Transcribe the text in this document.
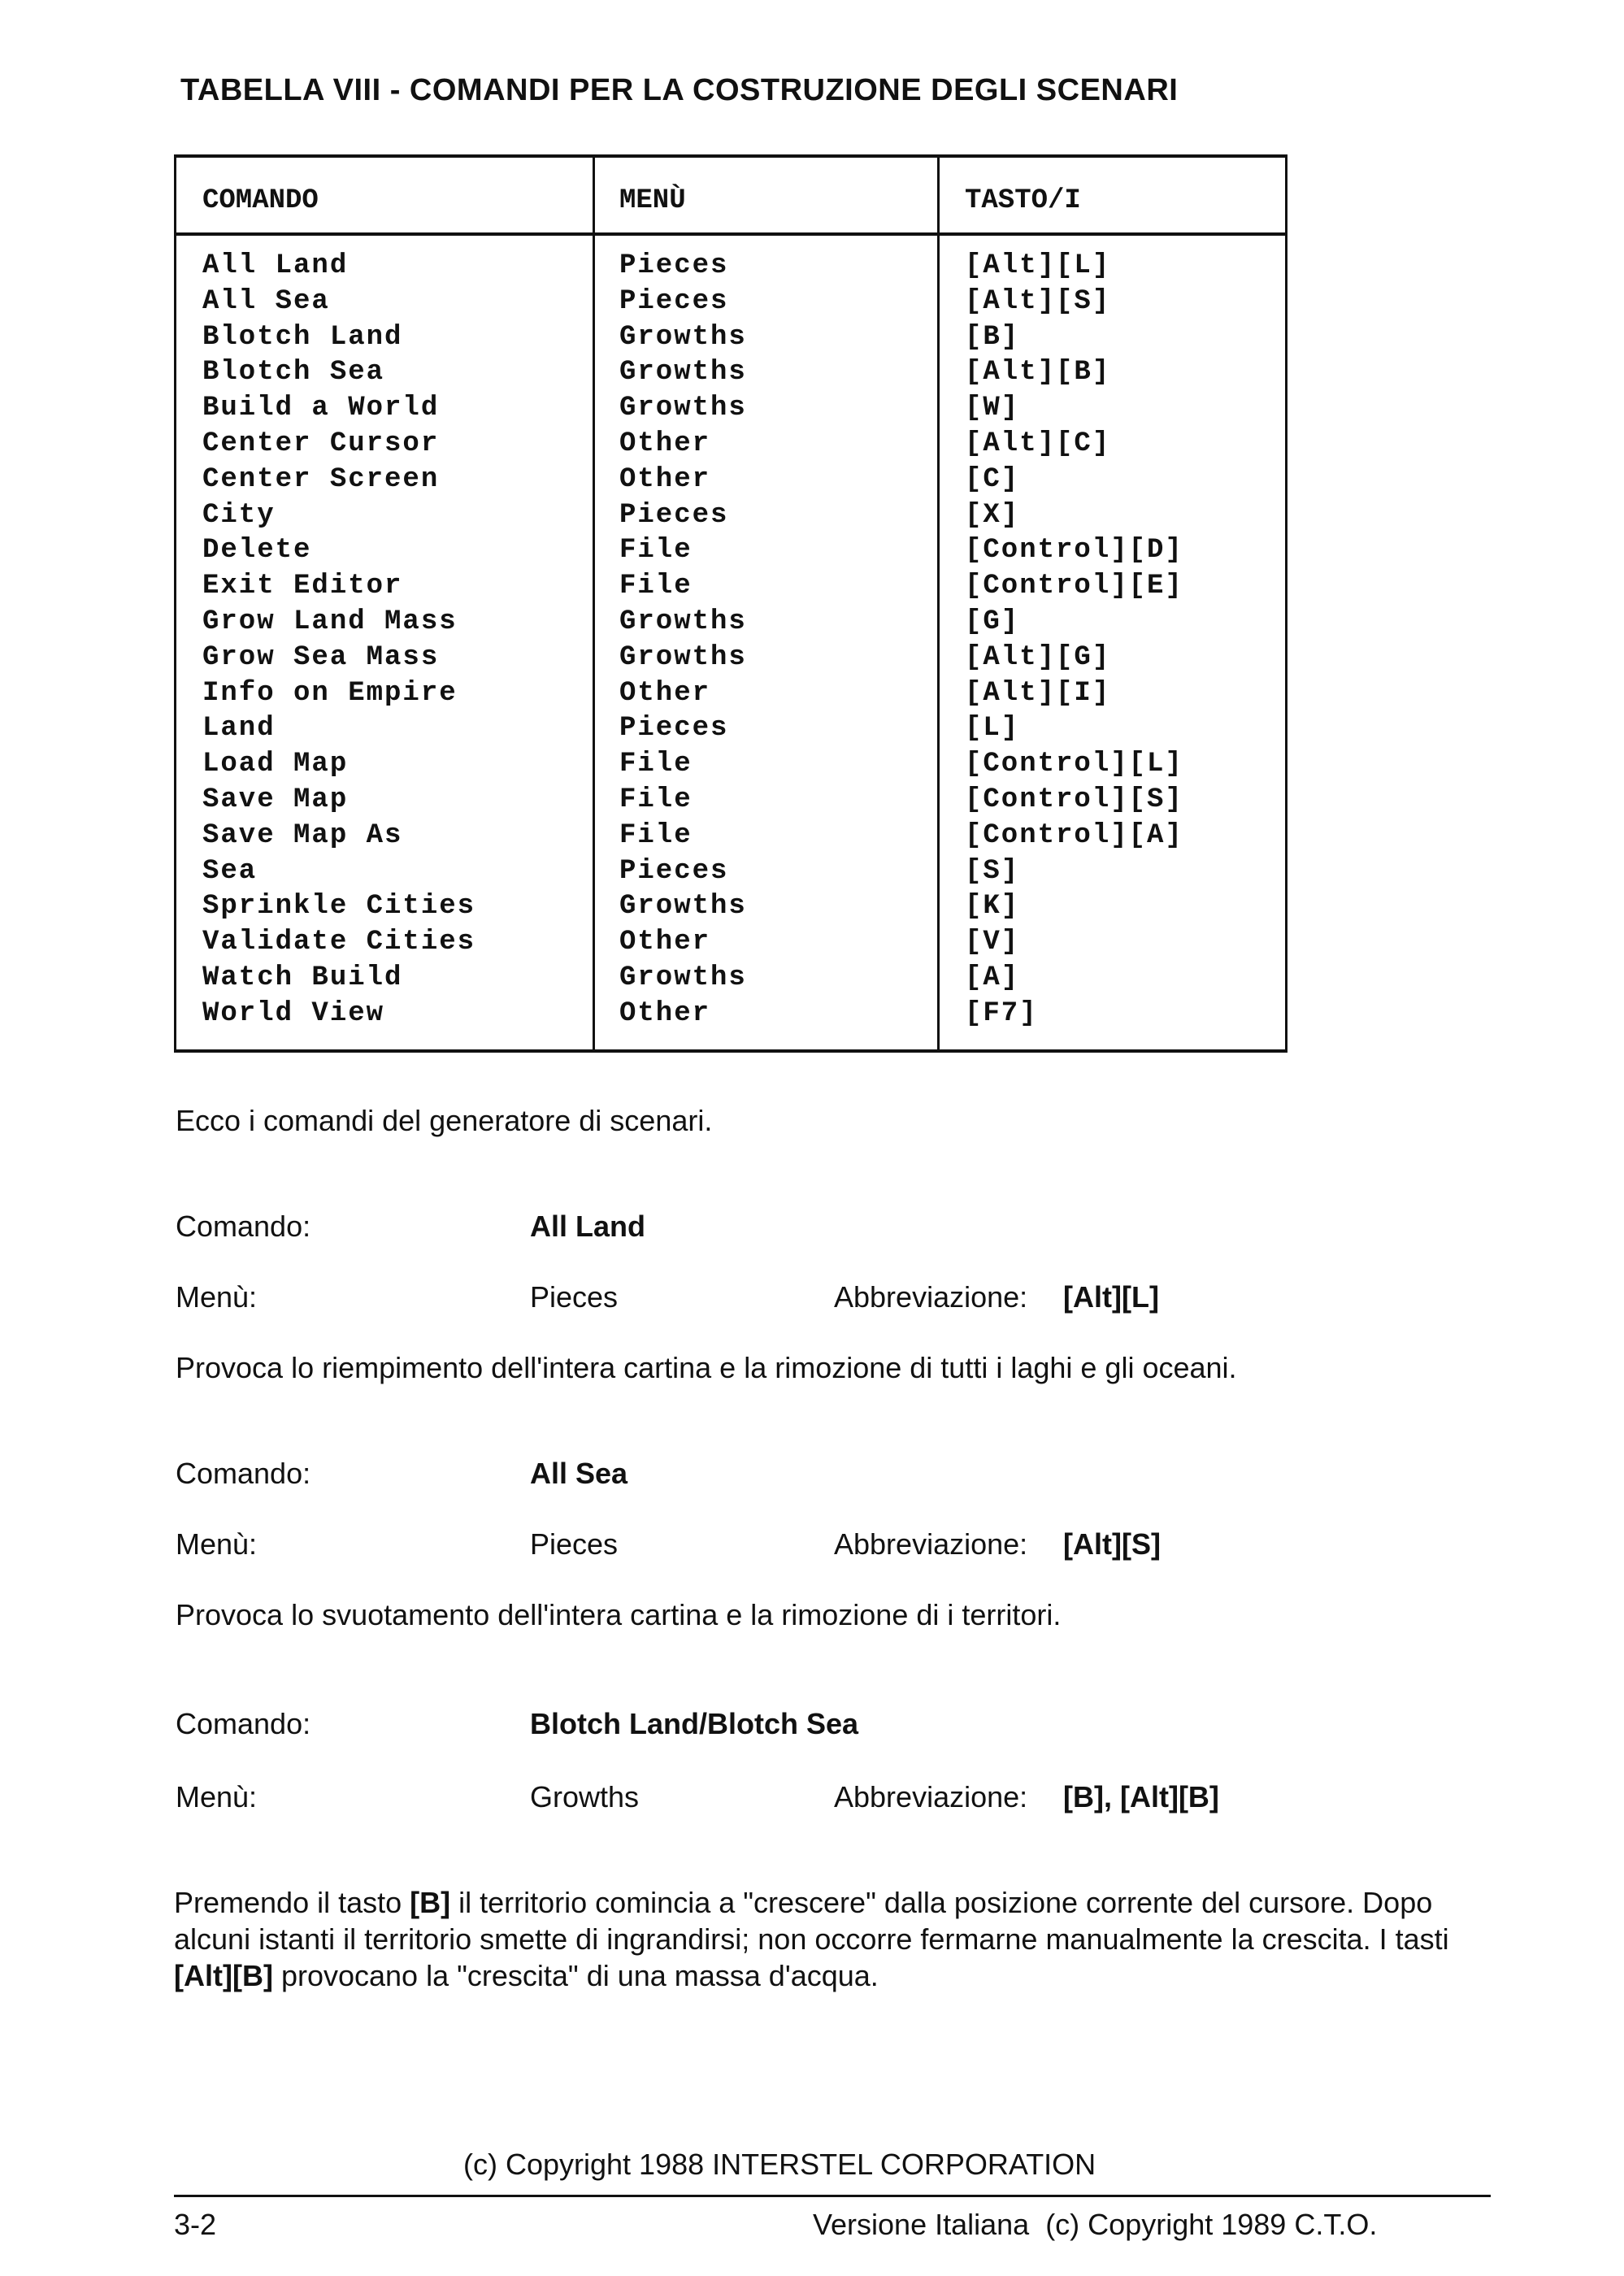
TABELLA VIII - COMANDI PER LA COSTRUZIONE DEGLI SCENARI
COMANDO	MENÙ	TASTO/I
All Land	Pieces	[Alt][L]
All Sea	Pieces	[Alt][S]
Blotch Land	Growths	[B]
Blotch Sea	Growths	[Alt][B]
Build a World	Growths	[W]
Center Cursor	Other	[Alt][C]
Center Screen	Other	[C]
City	Pieces	[X]
Delete	File	[Control][D]
Exit Editor	File	[Control][E]
Grow Land Mass	Growths	[G]
Grow Sea Mass	Growths	[Alt][G]
Info on Empire	Other	[Alt][I]
Land	Pieces	[L]
Load Map	File	[Control][L]
Save Map	File	[Control][S]
Save Map As	File	[Control][A]
Sea	Pieces	[S]
Sprinkle Cities	Growths	[K]
Validate Cities	Other	[V]
Watch Build	Growths	[A]
World View	Other	[F7]
Ecco i comandi del generatore di scenari.
Comando:	All Land
Menù:	Pieces	Abbreviazione: [Alt][L]
Provoca lo riempimento dell'intera cartina e la rimozione di tutti i laghi e gli oceani.
Comando:	All Sea
Menù:	Pieces	Abbreviazione: [Alt][S]
Provoca lo svuotamento dell'intera cartina e la rimozione di i territori.
Comando:	Blotch Land/Blotch Sea
Menù:	Growths	Abbreviazione: [B], [Alt][B]
Premendo il tasto [B] il territorio comincia a "crescere" dalla posizione corrente del cursore. Dopo alcuni istanti il territorio smette di ingrandirsi; non occorre fermarne manualmente la crescita. I tasti [Alt][B] provocano la "crescita" di una massa d'acqua.
(c) Copyright 1988 INTERSTEL CORPORATION
3-2	Versione Italiana  (c) Copyright 1989 C.T.O.
